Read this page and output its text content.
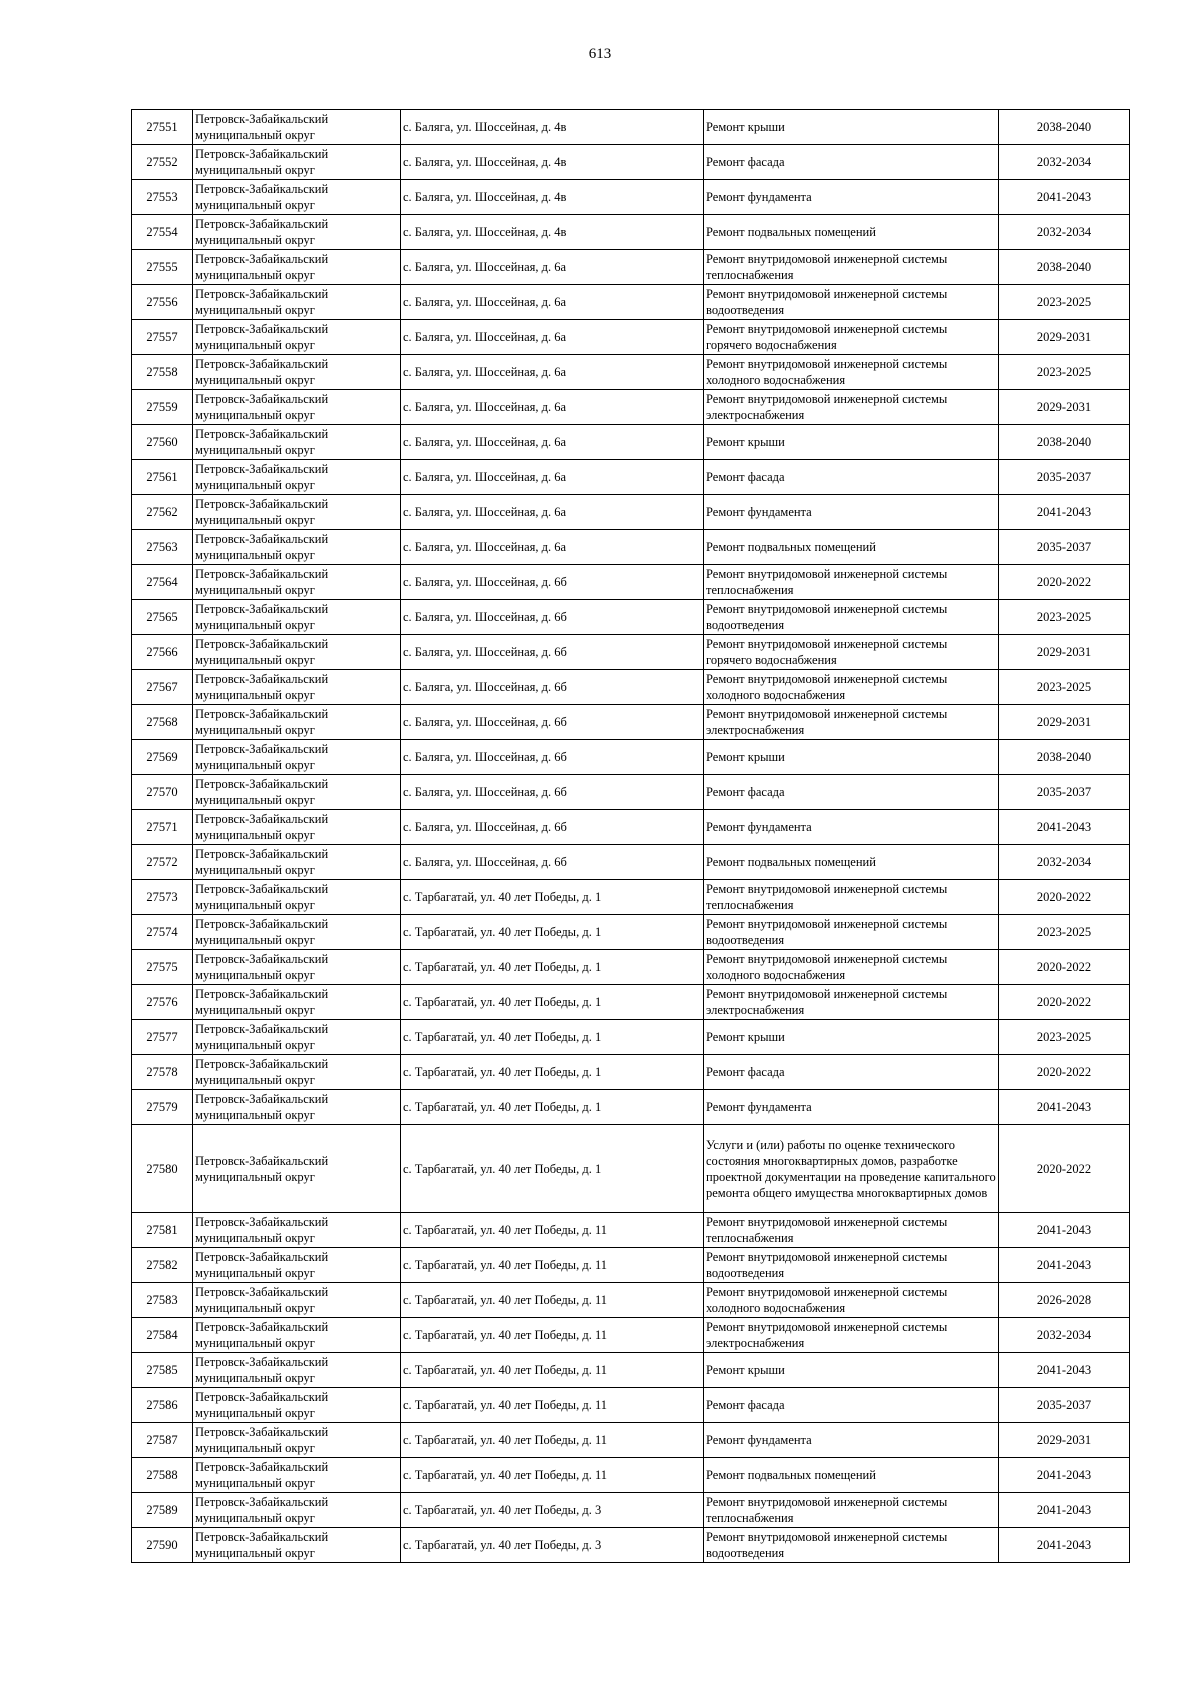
613
27551	Петровск-Забайкальский муниципальный округ	с. Баляга, ул. Шоссейная, д. 4в	Ремонт крыши	2038-2040
27552	Петровск-Забайкальский муниципальный округ	с. Баляга, ул. Шоссейная, д. 4в	Ремонт фасада	2032-2034
27553	Петровск-Забайкальский муниципальный округ	с. Баляга, ул. Шоссейная, д. 4в	Ремонт фундамента	2041-2043
27554	Петровск-Забайкальский муниципальный округ	с. Баляга, ул. Шоссейная, д. 4в	Ремонт подвальных помещений	2032-2034
27555	Петровск-Забайкальский муниципальный округ	с. Баляга, ул. Шоссейная, д. 6а	Ремонт внутридомовой инженерной системы теплоснабжения	2038-2040
27556	Петровск-Забайкальский муниципальный округ	с. Баляга, ул. Шоссейная, д. 6а	Ремонт внутридомовой инженерной системы водоотведения	2023-2025
27557	Петровск-Забайкальский муниципальный округ	с. Баляга, ул. Шоссейная, д. 6а	Ремонт внутридомовой инженерной системы горячего водоснабжения	2029-2031
27558	Петровск-Забайкальский муниципальный округ	с. Баляга, ул. Шоссейная, д. 6а	Ремонт внутридомовой инженерной системы холодного водоснабжения	2023-2025
27559	Петровск-Забайкальский муниципальный округ	с. Баляга, ул. Шоссейная, д. 6а	Ремонт внутридомовой инженерной системы электроснабжения	2029-2031
27560	Петровск-Забайкальский муниципальный округ	с. Баляга, ул. Шоссейная, д. 6а	Ремонт крыши	2038-2040
27561	Петровск-Забайкальский муниципальный округ	с. Баляга, ул. Шоссейная, д. 6а	Ремонт фасада	2035-2037
27562	Петровск-Забайкальский муниципальный округ	с. Баляга, ул. Шоссейная, д. 6а	Ремонт фундамента	2041-2043
27563	Петровск-Забайкальский муниципальный округ	с. Баляга, ул. Шоссейная, д. 6а	Ремонт подвальных помещений	2035-2037
27564	Петровск-Забайкальский муниципальный округ	с. Баляга, ул. Шоссейная, д. 6б	Ремонт внутридомовой инженерной системы теплоснабжения	2020-2022
27565	Петровск-Забайкальский муниципальный округ	с. Баляга, ул. Шоссейная, д. 6б	Ремонт внутридомовой инженерной системы водоотведения	2023-2025
27566	Петровск-Забайкальский муниципальный округ	с. Баляга, ул. Шоссейная, д. 6б	Ремонт внутридомовой инженерной системы горячего водоснабжения	2029-2031
27567	Петровск-Забайкальский муниципальный округ	с. Баляга, ул. Шоссейная, д. 6б	Ремонт внутридомовой инженерной системы холодного водоснабжения	2023-2025
27568	Петровск-Забайкальский муниципальный округ	с. Баляга, ул. Шоссейная, д. 6б	Ремонт внутридомовой инженерной системы электроснабжения	2029-2031
27569	Петровск-Забайкальский муниципальный округ	с. Баляга, ул. Шоссейная, д. 6б	Ремонт крыши	2038-2040
27570	Петровск-Забайкальский муниципальный округ	с. Баляга, ул. Шоссейная, д. 6б	Ремонт фасада	2035-2037
27571	Петровск-Забайкальский муниципальный округ	с. Баляга, ул. Шоссейная, д. 6б	Ремонт фундамента	2041-2043
27572	Петровск-Забайкальский муниципальный округ	с. Баляга, ул. Шоссейная, д. 6б	Ремонт подвальных помещений	2032-2034
27573	Петровск-Забайкальский муниципальный округ	с. Тарбагатай, ул. 40 лет Победы, д. 1	Ремонт внутридомовой инженерной системы теплоснабжения	2020-2022
27574	Петровск-Забайкальский муниципальный округ	с. Тарбагатай, ул. 40 лет Победы, д. 1	Ремонт внутридомовой инженерной системы водоотведения	2023-2025
27575	Петровск-Забайкальский муниципальный округ	с. Тарбагатай, ул. 40 лет Победы, д. 1	Ремонт внутридомовой инженерной системы холодного водоснабжения	2020-2022
27576	Петровск-Забайкальский муниципальный округ	с. Тарбагатай, ул. 40 лет Победы, д. 1	Ремонт внутридомовой инженерной системы электроснабжения	2020-2022
27577	Петровск-Забайкальский муниципальный округ	с. Тарбагатай, ул. 40 лет Победы, д. 1	Ремонт крыши	2023-2025
27578	Петровск-Забайкальский муниципальный округ	с. Тарбагатай, ул. 40 лет Победы, д. 1	Ремонт фасада	2020-2022
27579	Петровск-Забайкальский муниципальный округ	с. Тарбагатай, ул. 40 лет Победы, д. 1	Ремонт фундамента	2041-2043
27580	Петровск-Забайкальский муниципальный округ	с. Тарбагатай, ул. 40 лет Победы, д. 1	Услуги и (или) работы по оценке технического состояния многоквартирных домов, разработке проектной документации на проведение капитального ремонта общего имущества многоквартирных домов	2020-2022
27581	Петровск-Забайкальский муниципальный округ	с. Тарбагатай, ул. 40 лет Победы, д. 11	Ремонт внутридомовой инженерной системы теплоснабжения	2041-2043
27582	Петровск-Забайкальский муниципальный округ	с. Тарбагатай, ул. 40 лет Победы, д. 11	Ремонт внутридомовой инженерной системы водоотведения	2041-2043
27583	Петровск-Забайкальский муниципальный округ	с. Тарбагатай, ул. 40 лет Победы, д. 11	Ремонт внутридомовой инженерной системы холодного водоснабжения	2026-2028
27584	Петровск-Забайкальский муниципальный округ	с. Тарбагатай, ул. 40 лет Победы, д. 11	Ремонт внутридомовой инженерной системы электроснабжения	2032-2034
27585	Петровск-Забайкальский муниципальный округ	с. Тарбагатай, ул. 40 лет Победы, д. 11	Ремонт крыши	2041-2043
27586	Петровск-Забайкальский муниципальный округ	с. Тарбагатай, ул. 40 лет Победы, д. 11	Ремонт фасада	2035-2037
27587	Петровск-Забайкальский муниципальный округ	с. Тарбагатай, ул. 40 лет Победы, д. 11	Ремонт фундамента	2029-2031
27588	Петровск-Забайкальский муниципальный округ	с. Тарбагатай, ул. 40 лет Победы, д. 11	Ремонт подвальных помещений	2041-2043
27589	Петровск-Забайкальский муниципальный округ	с. Тарбагатай, ул. 40 лет Победы, д. 3	Ремонт внутридомовой инженерной системы теплоснабжения	2041-2043
27590	Петровск-Забайкальский муниципальный округ	с. Тарбагатай, ул. 40 лет Победы, д. 3	Ремонт внутридомовой инженерной системы водоотведения	2041-2043
